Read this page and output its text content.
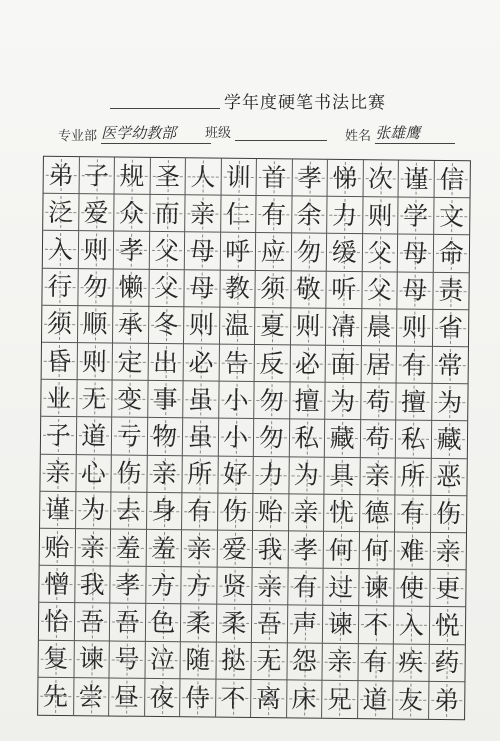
学年度硬笔书法比赛
专业部 医学幼教部	班级	姓名 张雄鹰
弟 子 规 圣 人 训 首 孝 悌 次 谨 信
泛 爱 众 而 亲 仁 有 余 力 则 学 文
入 则 孝 父 母 呼 应 勿 缓 父 母 命
行 勿 懒 父 母 教 须 敬 听 父 母 责
须 顺 承 冬 则 温 夏 则 凊 晨 则 省
昏 则 定 出 必 告 反 必 面 居 有 常
业 无 变 事 虽 小 勿 擅 为 苟 擅 为
子 道 亏 物 虽 小 勿 私 藏 苟 私 藏
亲 心 伤 亲 所 好 力 为 具 亲 所 恶
谨 为 去 身 有 伤 贻 亲 忧 德 有 伤
贻 亲 羞 羞 亲 爱 我 孝 何 何 难 亲
憎 我 孝 方 方 贤 亲 有 过 谏 使 更
怡 吾 吾 色 柔 柔 吾 声 谏 不 入 悦
复 谏 号 泣 随 挞 无 怨 亲 有 疾 药
先 尝 昼 夜 侍 不 离 床 兄 道 友 弟
